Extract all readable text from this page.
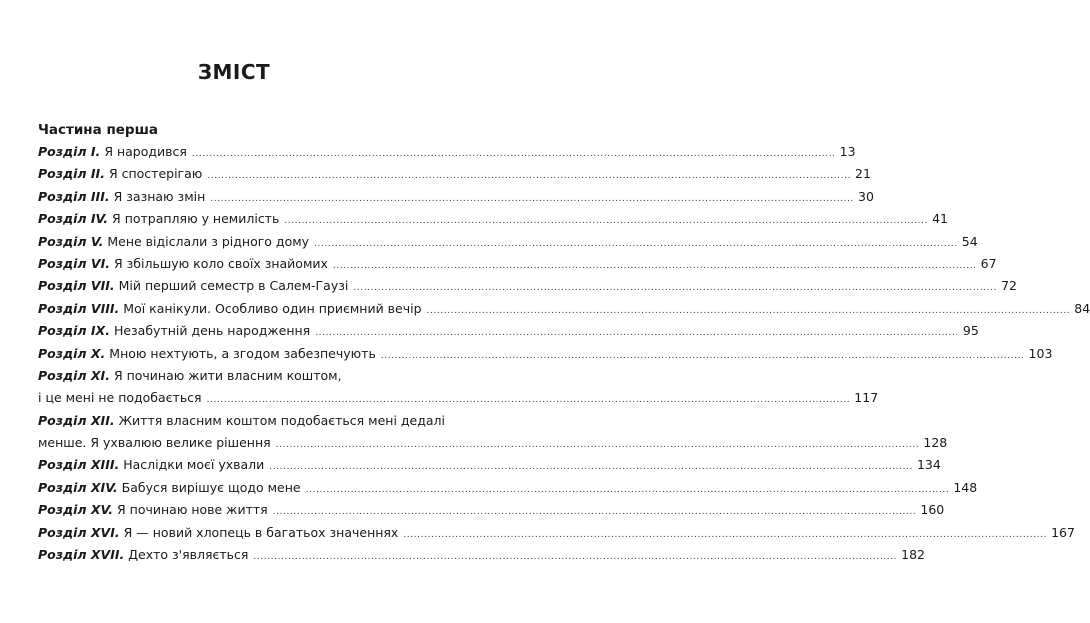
ЗМІСТ
Частина перша
Розділ I. Я народився .....	13
Розділ II. Я спостерігаю .....	21
Розділ III. Я зазнаю змін .....	30
Розділ IV. Я потрапляю у немилість .....	41
Розділ V. Мене відіслали з рідного дому .....	54
Розділ VI. Я збільшую коло своїх знайомих .....	67
Розділ VII. Мій перший семестр в Салем-Гаузі .....	72
Розділ VIII. Мої канікули. Особливо один приємний вечір .....	84
Розділ IX. Незабутній день народження .....	95
Розділ X. Мною нехтують, а згодом забезпечують .....	103
Розділ XI. Я починаю жити власним коштом,
і це мені не подобається .....	117
Розділ XII. Життя власним коштом подобається мені дедалі
менше. Я ухвалюю велике рішення .....	128
Розділ XIII. Наслідки моєї ухвали .....	134
Розділ XIV. Бабуся вирішує щодо мене .....	148
Розділ XV. Я починаю нове життя .....	160
Розділ XVI. Я — новий хлопець в багатьох значеннях .....	167
Розділ XVII. Дехто з'являється .....	182
